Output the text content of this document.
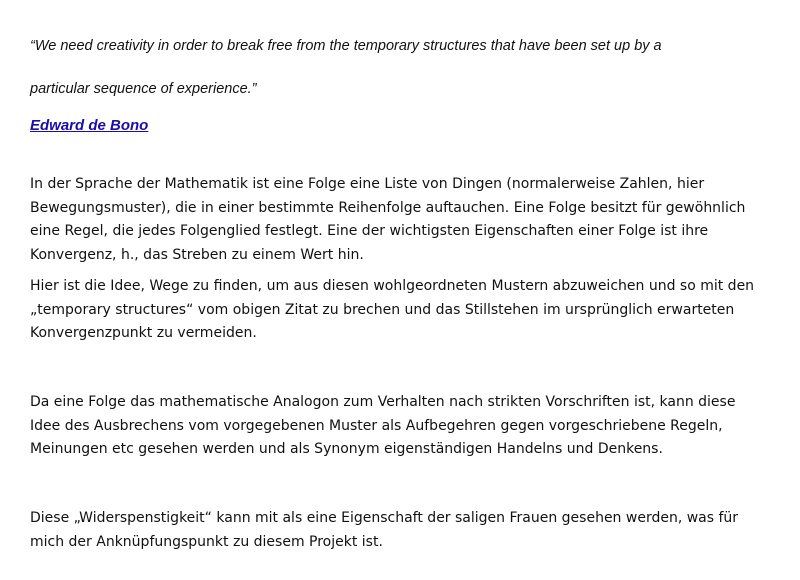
“We need creativity in order to break free from the temporary structures that have been set up by a
particular sequence of experience.”
Edward de Bono

In der Sprache der Mathematik ist eine Folge eine Liste von Dingen (normalerweise Zahlen, hier
Bewegungsmuster), die in einer bestimmte Reihenfolge auftauchen. Eine Folge besitzt für gewöhnlich
eine Regel, die jedes Folgenglied festlegt. Eine der wichtigsten Eigenschaften einer Folge ist ihre
Konvergenz, h., das Streben zu einem Wert hin.

Hier ist die Idee, Wege zu finden, um aus diesen wohlgeordneten Mustern abzuweichen und so mit den
„temporary structures“ vom obigen Zitat zu brechen und das Stillstehen im ursprünglich erwarteten
Konvergenzpunkt zu vermeiden.

Da eine Folge das mathematische Analogon zum Verhalten nach strikten Vorschriften ist, kann diese
Idee des Ausbrechens vom vorgegebenen Muster als Aufbegehren gegen vorgeschriebene Regeln,
Meinungen etc gesehen werden und als Synonym eigenständigen Handelns und Denkens.

Diese „Widerspenstigkeit“ kann mit als eine Eigenschaft der saligen Frauen gesehen werden, was für
mich der Anknüpfungspunkt zu diesem Projekt ist.
